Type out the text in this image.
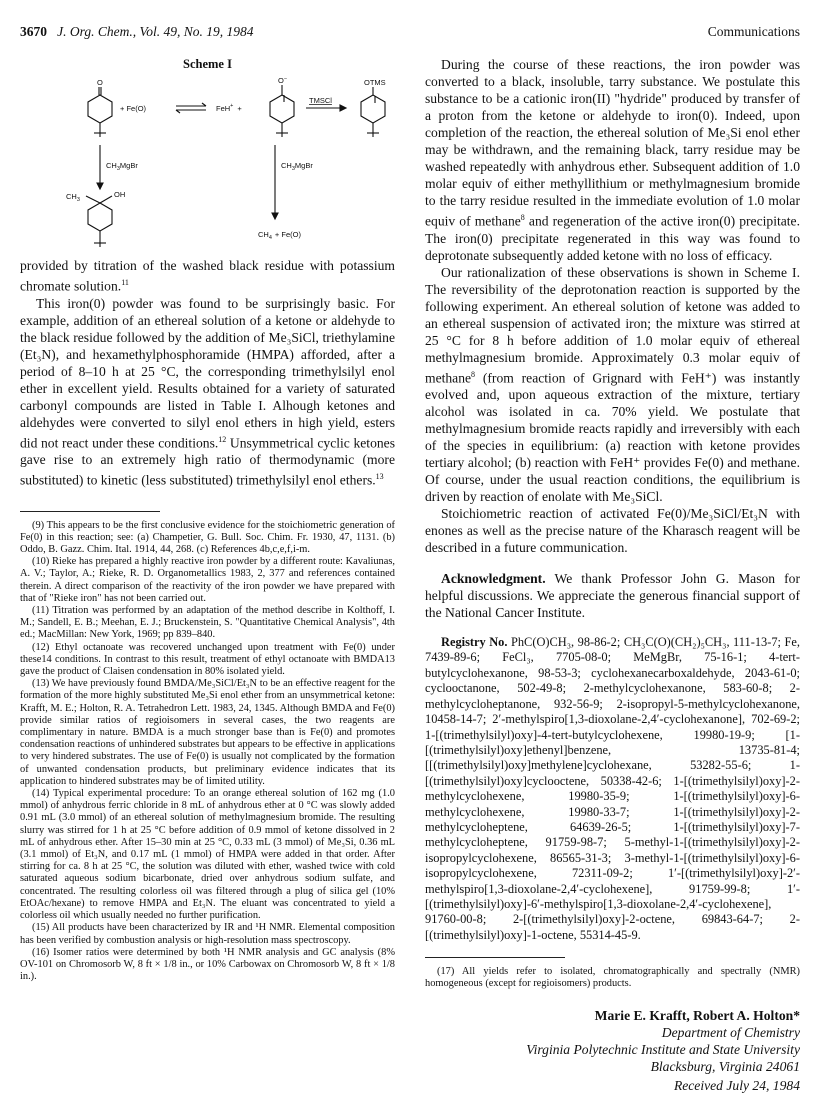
3670 J. Org. Chem., Vol. 49, No. 19, 1984	Communications
Scheme I
O
+ Fe(O)	FeH+ +
O−
TMSCl
OTMS
$CH_3MgBr$	$CH_3MgBr$
$CH_3$
OH
$CH_4 + Fe(O)$

provided by titration of the washed black residue with potassium chromate solution.$^{11}$

This iron(0) powder was found to be surprisingly basic. For example, addition of an ethereal solution of a ketone or aldehyde to the black residue followed by the addition of Me₃SiCl, triethylamine (Et₃N), and hexamethylphosphoramide (HMPA) afforded, after a period of 8–10 h at 25 °C, the corresponding trimethylsilyl enol ether in excellent yield. Results obtained for a variety of saturated carbonyl compounds are listed in Table I. Alhough ketones and aldehydes were converted to silyl enol ethers in high yield, esters did not react under these conditions.$^{12}$ Unsymmetrical cyclic ketones gave rise to an extremely high ratio of thermodynamic (more substituted) to kinetic (less substituted) trimethylsilyl enol ethers.$^{13}$

(9) This appears to be the first conclusive evidence for the stoichiometric generation of Fe(0) in this reaction; see: (a) Champetier, G. Bull. Soc. Chim. Fr. 1930, 47, 1131. (b) Oddo, B. Gazz. Chim. Ital. 1914, 44, 268. (c) References 4b,c,e,f,i-m.

(10) Rieke has prepared a highly reactive iron powder by a different route: Kavaliunas, A. V.; Taylor, A.; Rieke, R. D. Organometallics 1983, 2, 377 and references contained therein. A direct comparison of the reactivity of the iron powder we have prepared with that of "Rieke iron" has not been carried out.

(11) Titration was performed by an adaptation of the method describe in Kolthoff, I. M.; Sandell, E. B.; Meehan, E. J.; Bruckenstein, S. "Quantitative Chemical Analysis", 4th ed.; MacMillan: New York, 1969; pp 839–840.

(12) Ethyl octanoate was recovered unchanged upon treatment with Fe(0) under these14 conditions. In contrast to this result, treatment of ethyl octanoate with BMDA13 gave the product of Claisen condensation in 80% isolated yield.

(13) We have previously found BMDA/Me₃SiCl/Et₃N to be an effective reagent for the formation of the more highly substituted Me₃Si enol ether from an unsymmetrical ketone: Krafft, M. E.; Holton, R. A. Tetrahedron Lett. 1983, 24, 1345. Although BMDA and Fe(0) provide similar ratios of regioisomers in several cases, the two reagents are complimentary in nature. BMDA is a much stronger base than is Fe(0) and promotes condensation reactions of unhindered substrates but appears to be effective in applications to very hindered substrates. The use of Fe(0) is usually not complicated by the formation of unwanted condensation products, but preliminary evidence indicates that its application to hindered substrates may be of limited utility.

(14) Typical experimental procedure: To an orange ethereal solution of 162 mg (1.0 mmol) of anhydrous ferric chloride in 8 mL of anhydrous ether at 0 °C was slowly added 0.91 mL (3.0 mmol) of an ethereal solution of methylmagnesium bromide. The resulting slurry was stirred for 1 h at 25 °C before addition of 0.9 mmol of ketone dissolved in 2 mL of anhydrous ether. After 15–30 min at 25 °C, 0.33 mL (3 mmol) of Me₃Si, 0.36 mL (3.1 mmol) of Et₃N, and 0.17 mL (1 mmol) of HMPA were added in that order. After stirring for ca. 8 h at 25 °C, the solution was diluted with ether, washed twice with cold saturated aqueous sodium bicarbonate, dried over anhydrous sodium sulfate, and concentrated. The resulting colorless oil was filtered through a plug of silica gel (10% EtOAc/hexane) to remove HMPA and Et₃N. The eluant was concentrated to yield a colorless oil which usually needed no further purification.

(15) All products have been characterized by IR and ¹H NMR. Elemental composition has been verified by combustion analysis or high-resolution mass spectroscopy.

(16) Isomer ratios were determined by both ¹H NMR analysis and GC analysis (8% OV-101 on Chromosorb W, 8 ft × 1/8 in., or 10% Carbowax on Chromosorb W, 8 ft × 1/8 in.).

During the course of these reactions, the iron powder was converted to a black, insoluble, tarry substance. We postulate this substance to be a cationic iron(II) "hydride" produced by transfer of a proton from the ketone or aldehyde to iron(0). Indeed, upon completion of the reaction, the ethereal solution of Me₃Si enol ether may be withdrawn, and the remaining black, tarry residue may be washed repeatedly with anhydrous ether. Subsequent addition of 1.0 molar equiv of either methyllithium or methylmagnesium bromide to the tarry residue resulted in the immediate evolution of 1.0 molar equiv of methane$^8$ and regeneration of the active iron(0) precipitate. The iron(0) precipitate regenerated in this way was found to deprotonate subsequently added ketone with no loss of efficacy.

Our rationalization of these observations is shown in Scheme I. The reversibility of the deprotonation reaction is supported by the following experiment. An ethereal solution of ketone was added to an ethereal suspension of activated iron; the mixture was stirred at 25 °C for 8 h before addition of 1.0 molar equiv of ethereal methylmagnesium bromide. Approximately 0.3 molar equiv of methane$^8$ (from reaction of Grignard with FeH⁺) was instantly evolved and, upon aqueous extraction of the mixture, tertiary alcohol was isolated in ca. 70% yield. We postulate that methylmagnesium bromide reacts rapidly and irreversibly with each of the species in equilibrium: (a) reaction with ketone provides tertiary alcohol; (b) reaction with FeH⁺ provides Fe(0) and methane. Of course, under the usual reaction conditions, the equilibrium is driven by reaction of enolate with Me₃SiCl.

Stoichiometric reaction of activated Fe(0)/Me₃SiCl/Et₃N with enones as well as the precise nature of the Kharasch reagent will be described in a future communication.

Acknowledgment. We thank Professor John G. Mason for helpful discussions. We appreciate the generous financial support of the National Cancer Institute.

Registry No. PhC(O)CH₃, 98-86-2; CH₃C(O)(CH₂)₅CH₃, 111-13-7; Fe, 7439-89-6; FeCl₃, 7705-08-0; MeMgBr, 75-16-1; 4-tert-butylcyclohexanone, 98-53-3; cyclohexanecarboxaldehyde, 2043-61-0; cyclooctanone, 502-49-8; 2-methylcyclohexanone, 583-60-8; 2-methylcycloheptanone, 932-56-9; 2-isopropyl-5-methylcyclohexanone, 10458-14-7; 2′-methylspiro[1,3-dioxolane-2,4′-cyclohexanone], 702-69-2; 1-[(trimethylsilyl)oxy]-4-tert-butylcyclohexene, 19980-19-9; [1-[(trimethylsilyl)oxy]ethenyl]benzene, 13735-81-4; [[(trimethylsilyl)oxy]methylene]cyclohexane, 53282-55-6; 1-[(trimethylsilyl)oxy]cyclooctene, 50338-42-6; 1-[(trimethylsilyl)oxy]-2-methylcyclohexene, 19980-35-9; 1-[(trimethylsilyl)oxy]-6-methylcyclohexene, 19980-33-7; 1-[(trimethylsilyl)oxy]-2-methylcycloheptene, 64639-26-5; 1-[(trimethylsilyl)oxy]-7-methylcycloheptene, 91759-98-7; 5-methyl-1-[(trimethylsilyl)oxy]-2-isopropylcyclohexene, 86565-31-3; 3-methyl-1-[(trimethylsilyl)oxy]-6-isopropylcyclohexene, 72311-09-2; 1′-[(trimethylsilyl)oxy]-2′-methylspiro[1,3-dioxolane-2,4′-cyclohexene], 91759-99-8; 1′-[(trimethylsilyl)oxy]-6′-methylspiro[1,3-dioxolane-2,4′-cyclohexene], 91760-00-8; 2-[(trimethylsilyl)oxy]-2-octene, 69843-64-7; 2-[(trimethylsilyl)oxy]-1-octene, 55314-45-9.

(17) All yields refer to isolated, chromatographically and spectrally (NMR) homogeneous (except for regioisomers) products.

Marie E. Krafft, Robert A. Holton*
Department of Chemistry
Virginia Polytechnic Institute and State University
Blacksburg, Virginia 24061
Received July 24, 1984
